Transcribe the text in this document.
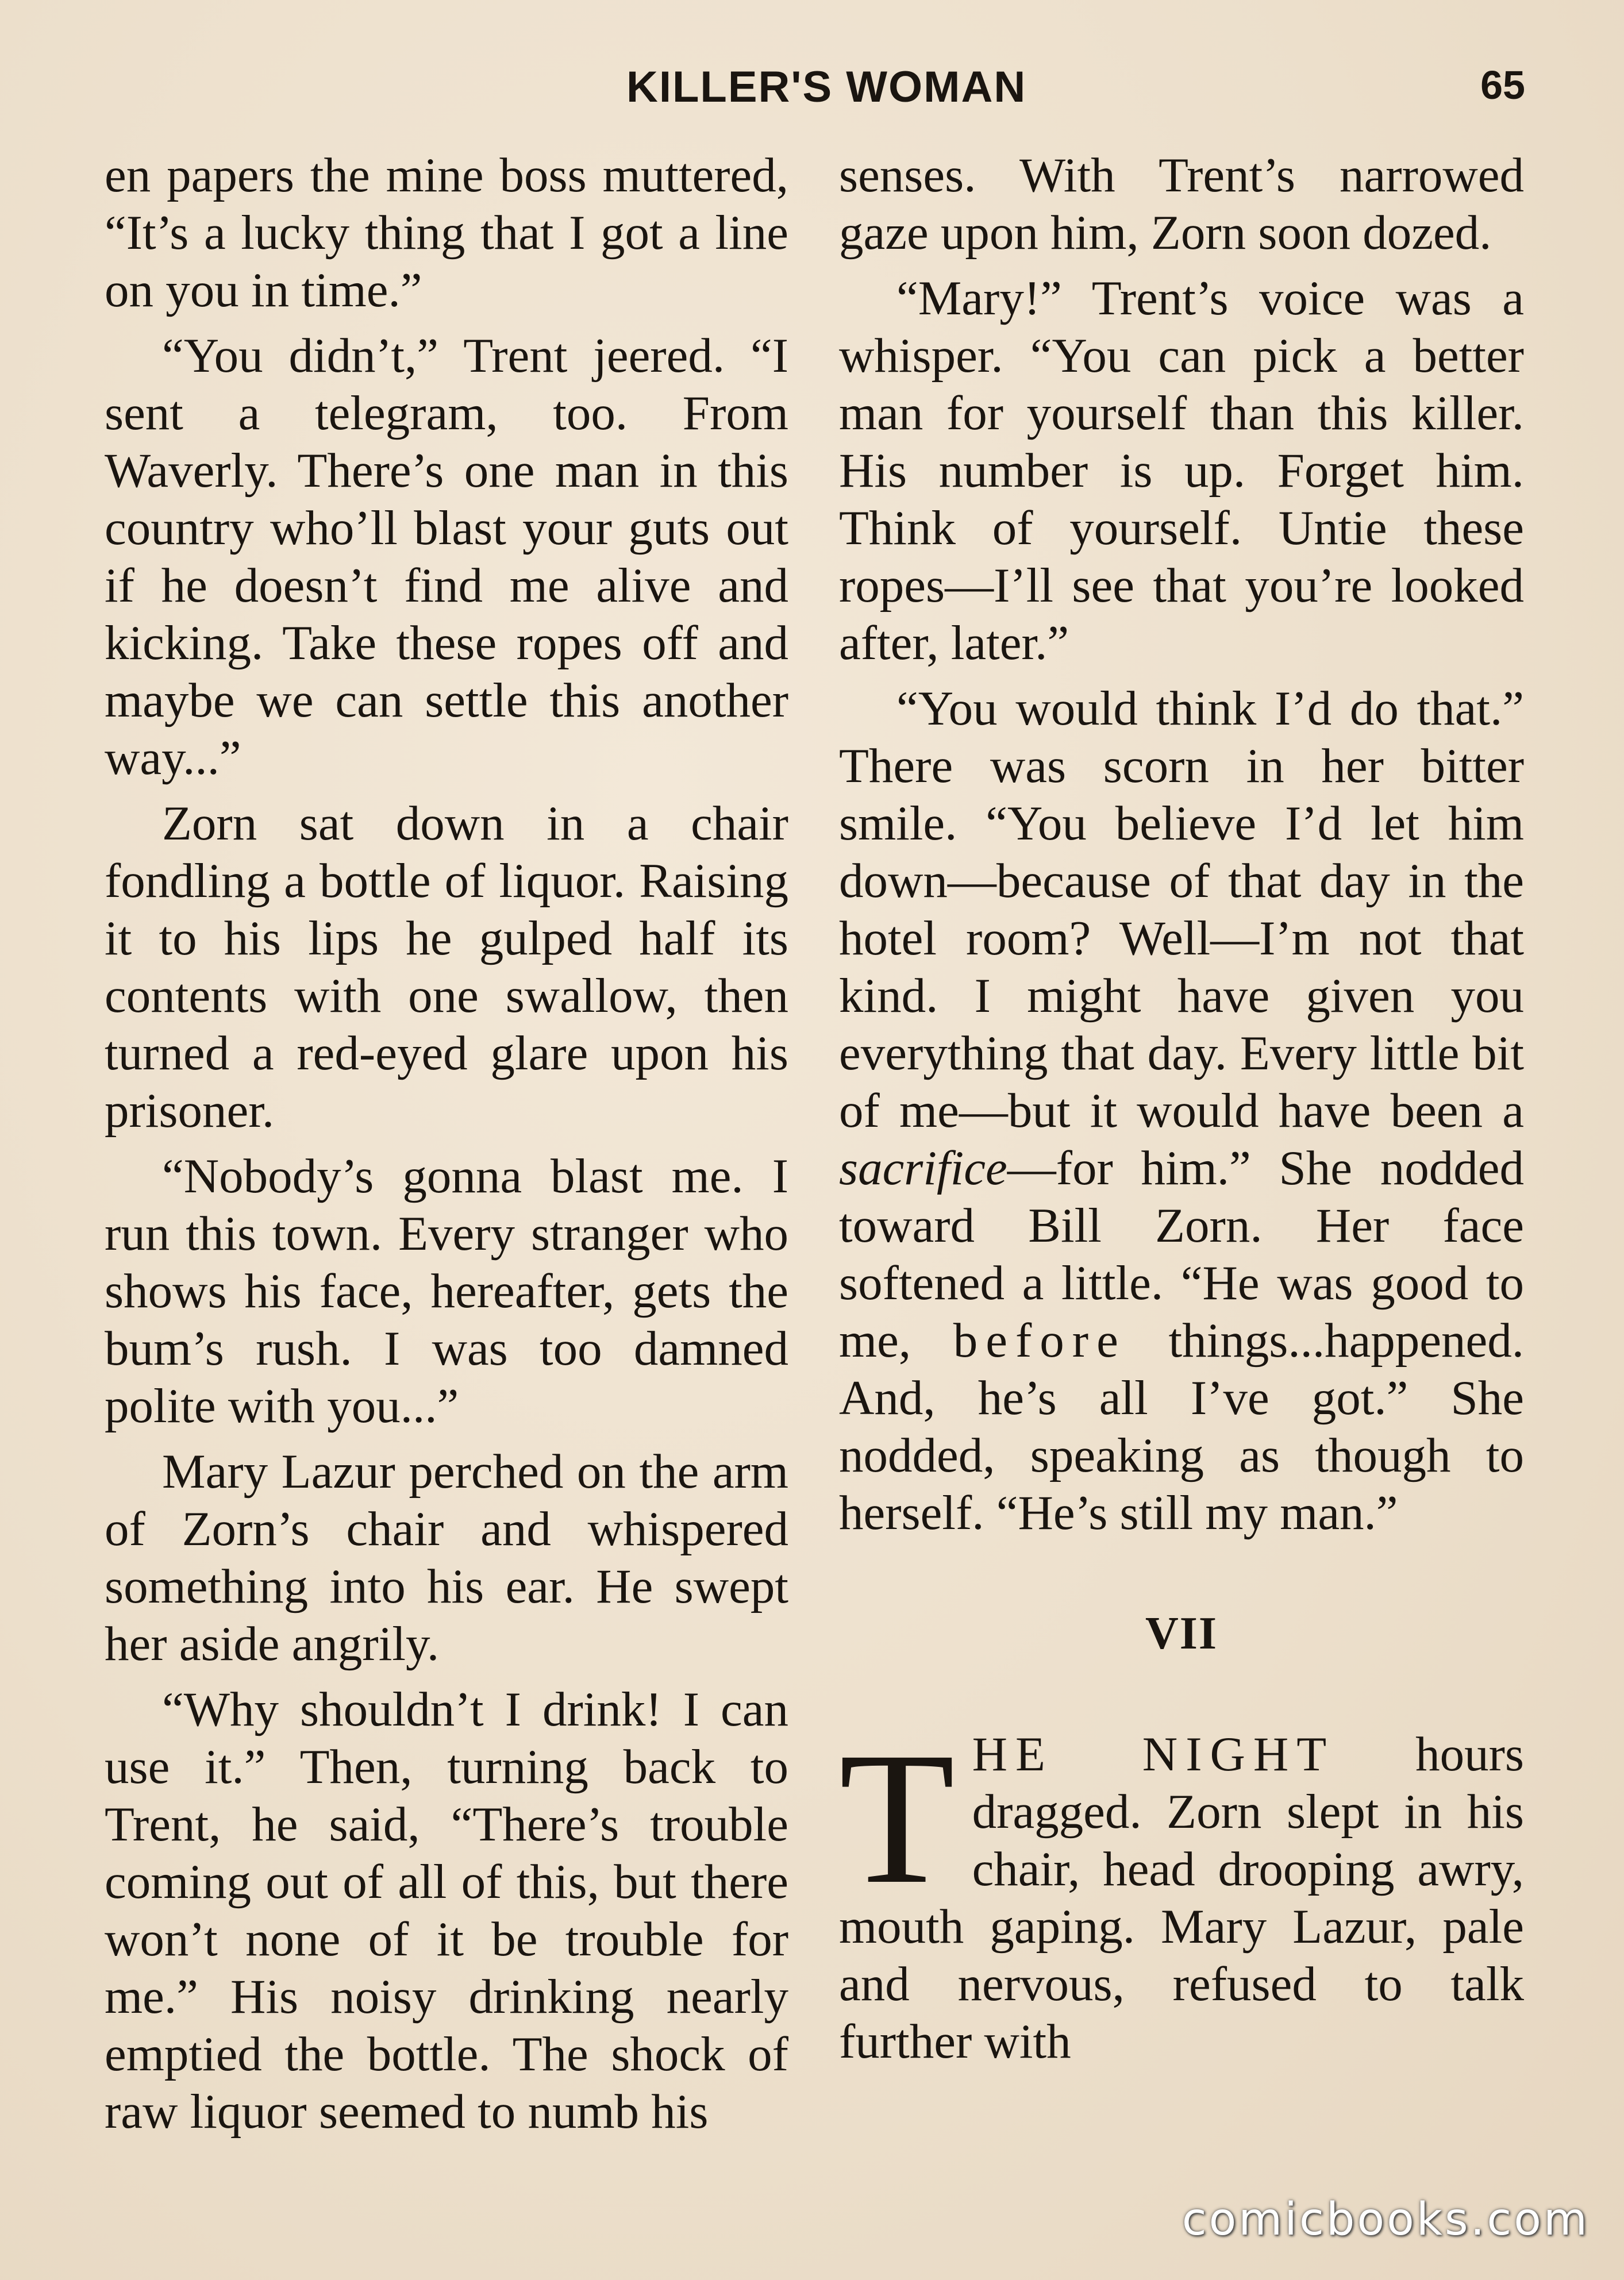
KILLER'S WOMAN	65

en papers the mine boss muttered, “It’s a lucky thing that I got a line on you in time.”

“You didn’t,” Trent jeered. “I sent a telegram, too. From Waverly. There’s one man in this country who’ll blast your guts out if he doesn’t find me alive and kicking. Take these ropes off and maybe we can settle this another way...”

Zorn sat down in a chair fondling a bottle of liquor. Raising it to his lips he gulped half its contents with one swallow, then turned a red-eyed glare upon his prisoner.

“Nobody’s gonna blast me. I run this town. Every stranger who shows his face, hereafter, gets the bum’s rush. I was too damned polite with you...”

Mary Lazur perched on the arm of Zorn’s chair and whispered something into his ear. He swept her aside angrily.

“Why shouldn’t I drink! I can use it.” Then, turning back to Trent, he said, “There’s trouble coming out of all of this, but there won’t none of it be trouble for me.” His noisy drinking nearly emptied the bottle. The shock of raw liquor seemed to numb his

senses. With Trent’s narrowed gaze upon him, Zorn soon dozed.

“Mary!” Trent’s voice was a whisper. “You can pick a better man for yourself than this killer. His number is up. Forget him. Think of yourself. Untie these ropes—I’ll see that you’re looked after, later.”

“You would think I’d do that.” There was scorn in her bitter smile. “You believe I’d let him down—because of that day in the hotel room? Well—I’m not that kind. I might have given you everything that day. Every little bit of me—but it would have been a sacrifice—for him.” She nodded toward Bill Zorn. Her face softened a little. “He was good to me, before things...happened. And, he’s all I’ve got.” She nodded, speaking as though to herself. “He’s still my man.”

VII

THE NIGHT hours dragged. Zorn slept in his chair, head drooping awry, mouth gaping. Mary Lazur, pale and nervous, refused to talk further with

comicbooks.com
